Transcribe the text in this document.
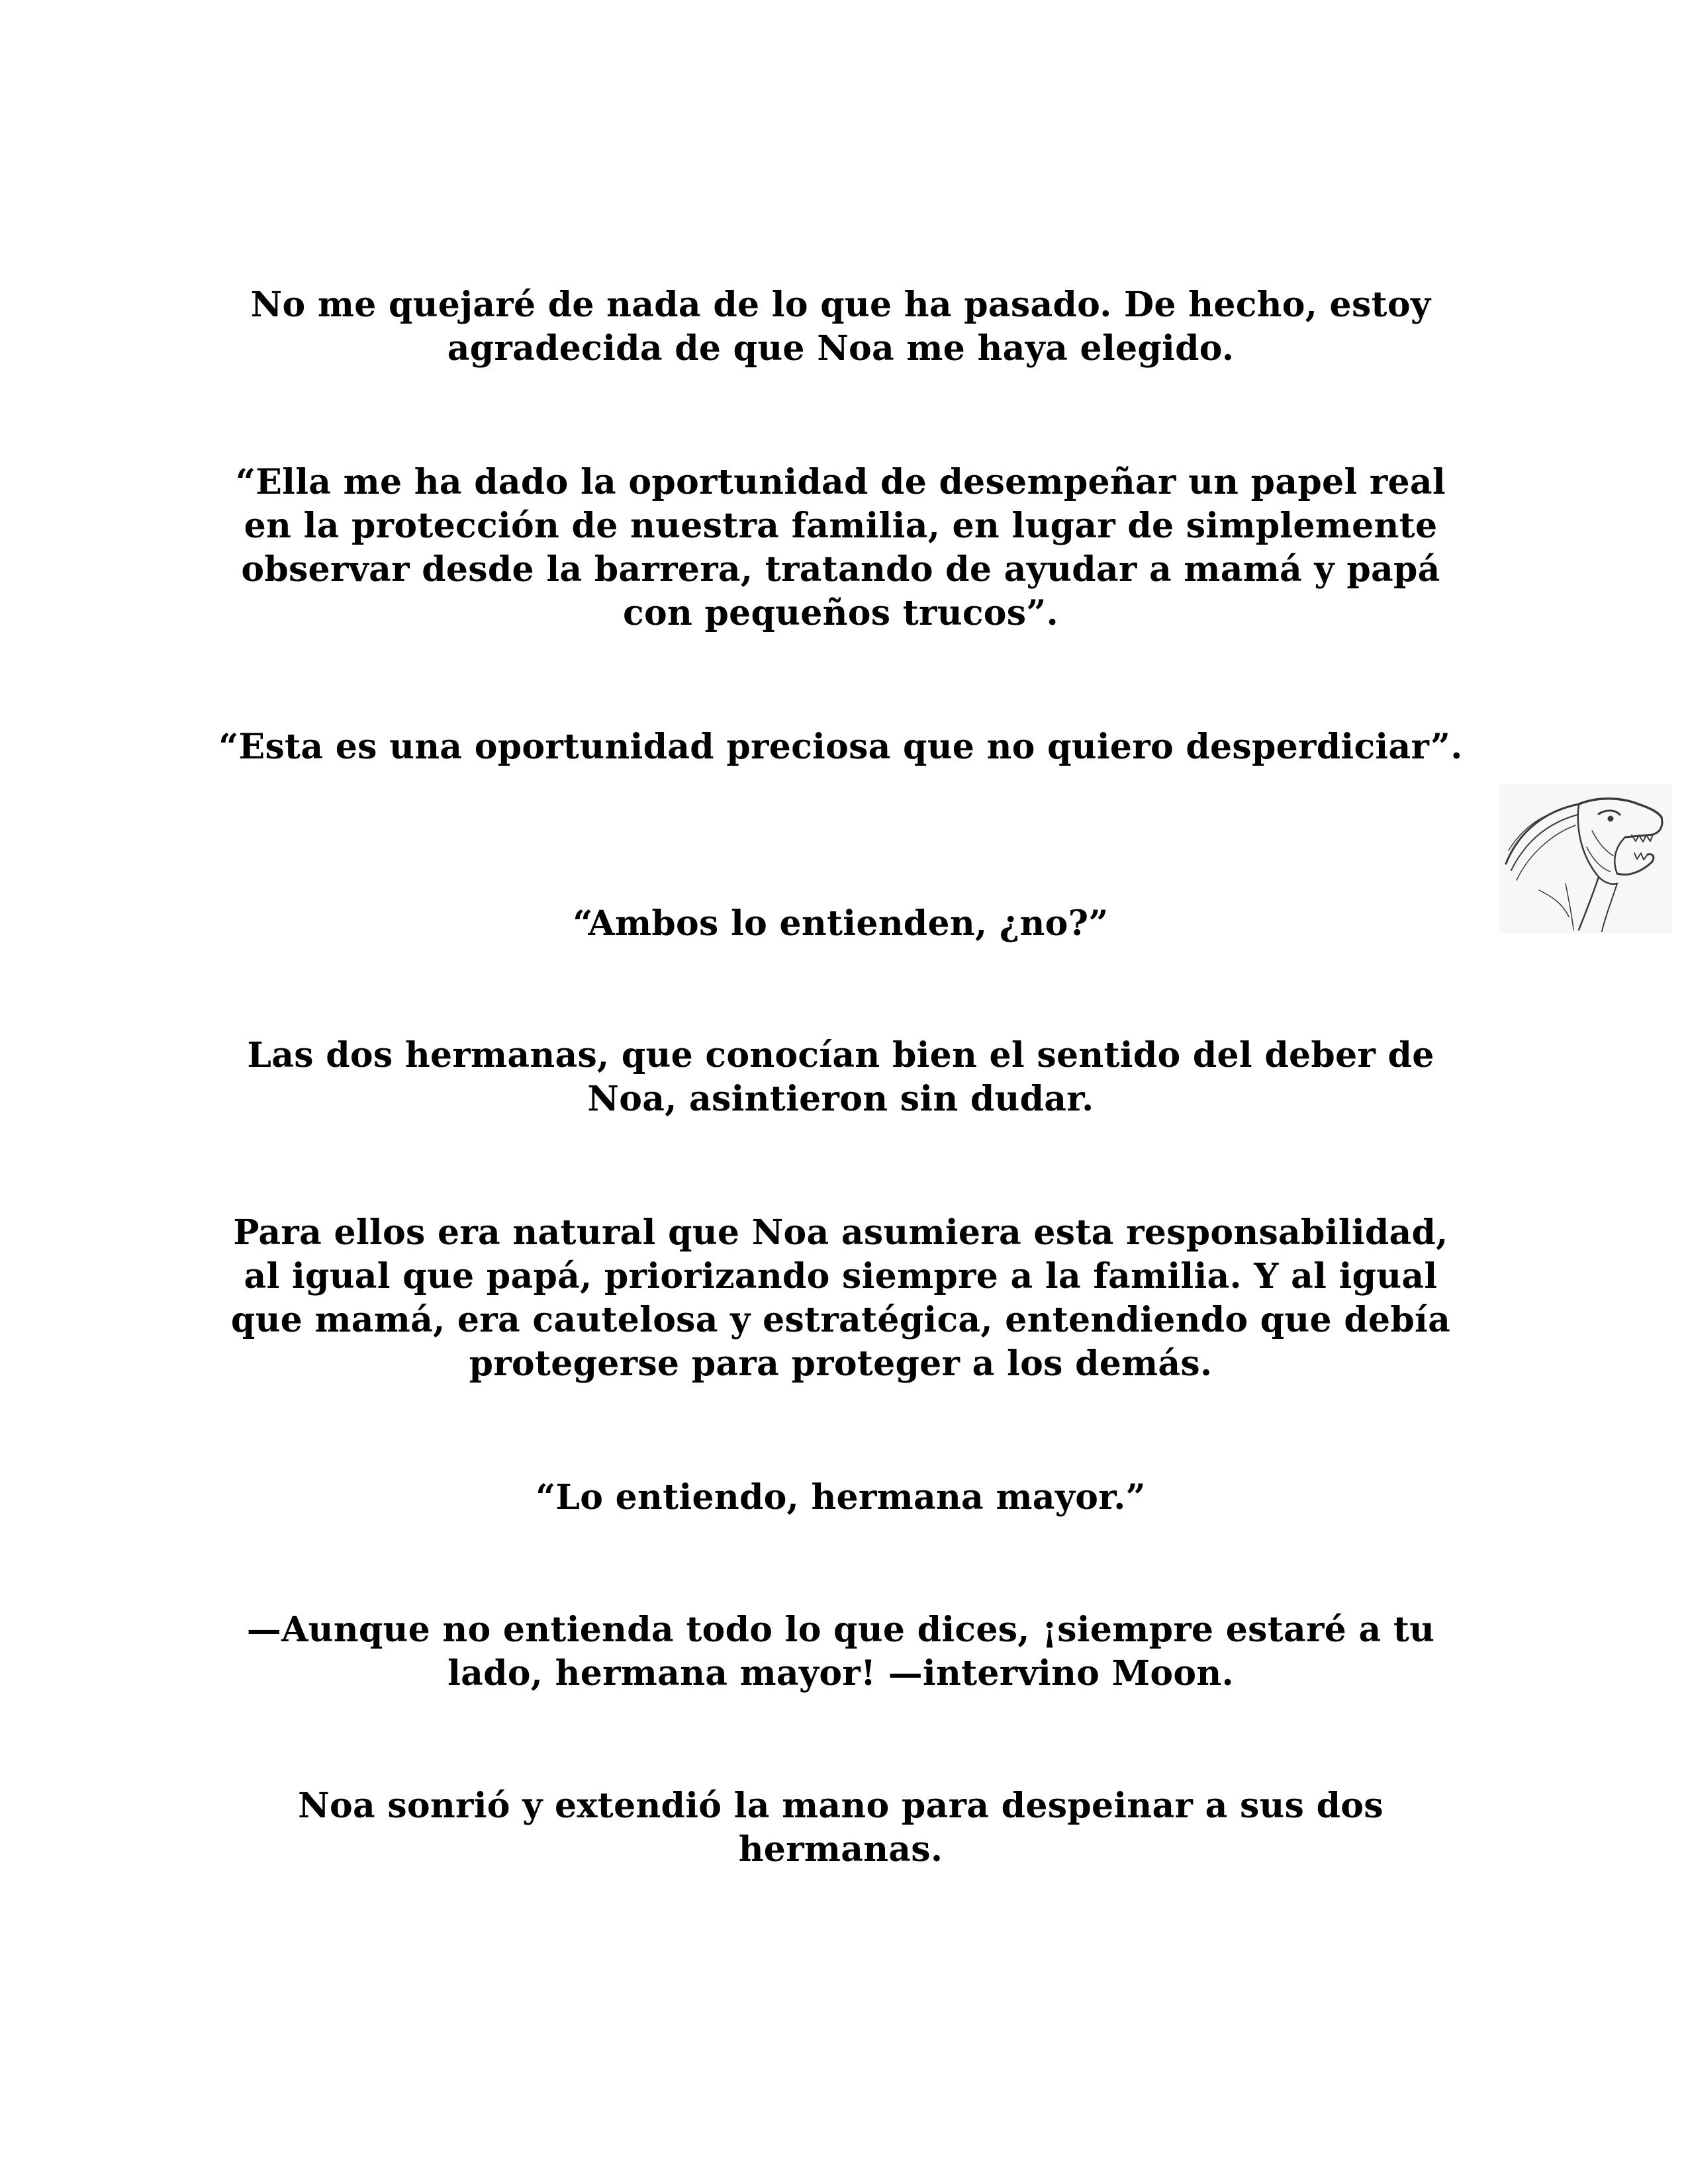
No me quejaré de nada de lo que ha pasado. De hecho, estoy agradecida de que Noa me haya elegido.

“Ella me ha dado la oportunidad de desempeñar un papel real en la protección de nuestra familia, en lugar de simplemente observar desde la barrera, tratando de ayudar a mamá y papá con pequeños trucos”.

“Esta es una oportunidad preciosa que no quiero desperdiciar”.

“Ambos lo entienden, ¿no?”

Las dos hermanas, que conocían bien el sentido del deber de Noa, asintieron sin dudar.

Para ellos era natural que Noa asumiera esta responsabilidad, al igual que papá, priorizando siempre a la familia. Y al igual que mamá, era cautelosa y estratégica, entendiendo que debía protegerse para proteger a los demás.

“Lo entiendo, hermana mayor.”

—Aunque no entienda todo lo que dices, ¡siempre estaré a tu lado, hermana mayor! —intervino Moon.

Noa sonrió y extendió la mano para despeinar a sus dos hermanas.
